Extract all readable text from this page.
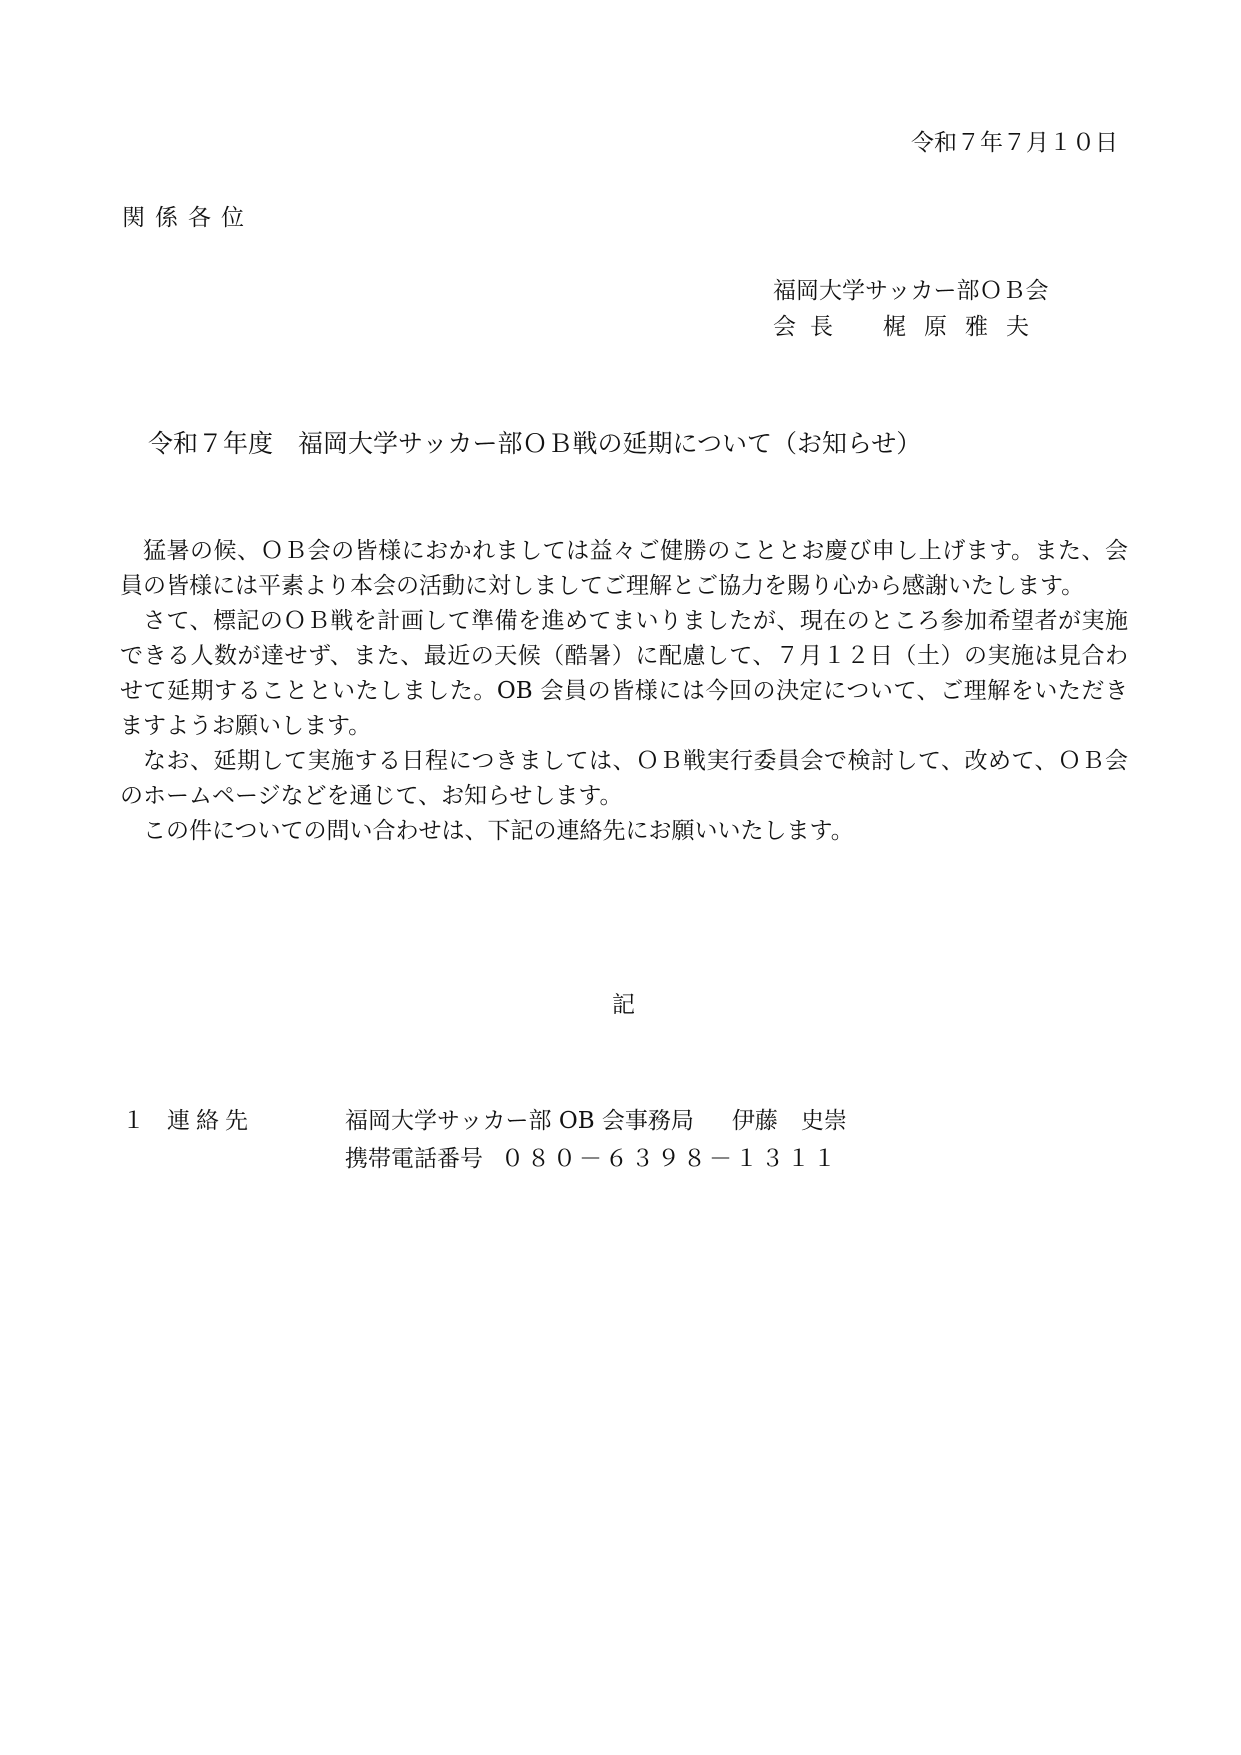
令和７年７月１０日
関係各位
福岡大学サッカー部ＯＢ会
会長 梶原雅夫
令和７年度　福岡大学サッカー部ＯＢ戦の延期について（お知らせ）

猛暑の候、ＯＢ会の皆様におかれましては益々ご健勝のこととお慶び申し上げます。また、会員の皆様には平素より本会の活動に対しましてご理解とご協力を賜り心から感謝いたします。

さて、標記のＯＢ戦を計画して準備を進めてまいりましたが、現在のところ参加希望者が実施できる人数が達せず、また、最近の天候（酷暑）に配慮して、７月１２日（土）の実施は見合わせて延期することといたしました。OB 会員の皆様には今回の決定について、ご理解をいただきますようお願いします。

なお、延期して実施する日程につきましては、ＯＢ戦実行委員会で検討して、改めて、ＯＢ会のホームページなどを通じて、お知らせします。

この件についての問い合わせは、下記の連絡先にお願いいたします。

記
１ 連絡先	福岡大学サッカー部 OB 会事務局 伊藤　史崇
携帯電話番号 ０８０－６３９８－１３１１
